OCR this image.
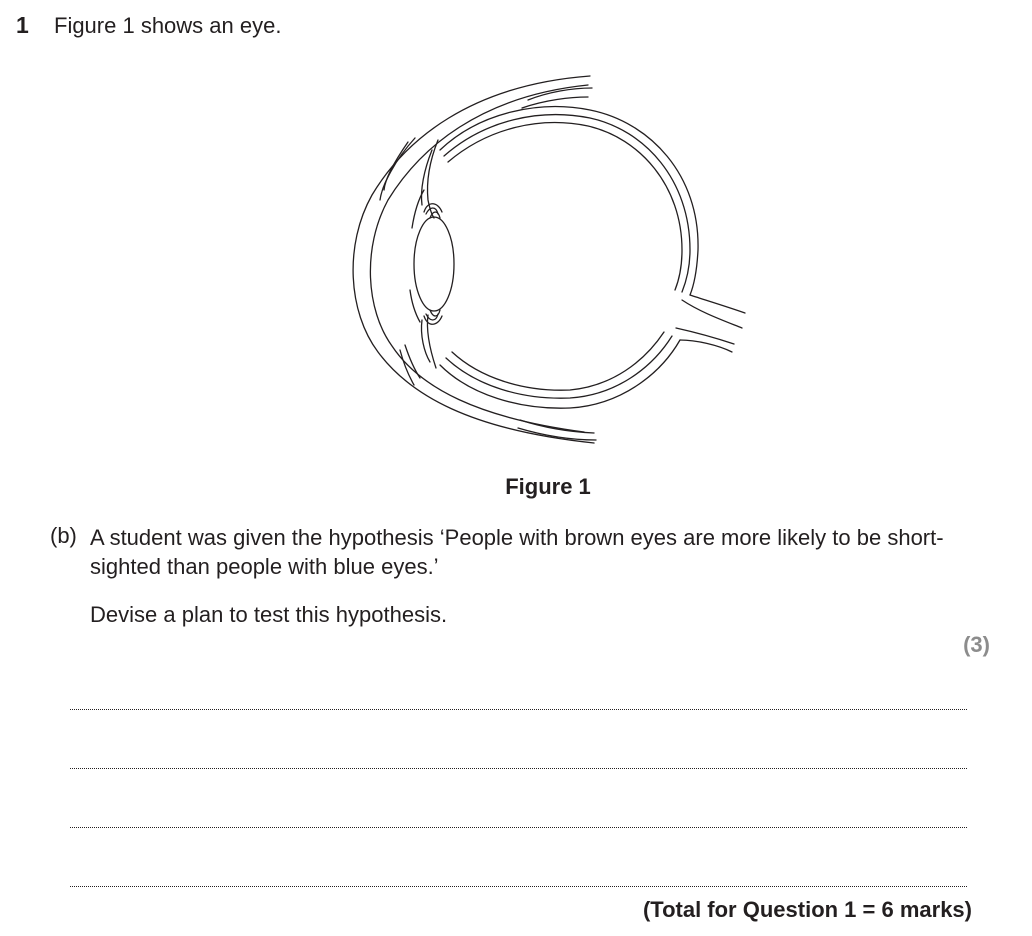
1 Figure 1 shows an eye.
Figure 1
(b) A student was given the hypothesis ‘People with brown eyes are more likely to be short-sighted than people with blue eyes.’
Devise a plan to test this hypothesis.
(3)
(Total for Question 1 = 6 marks)
